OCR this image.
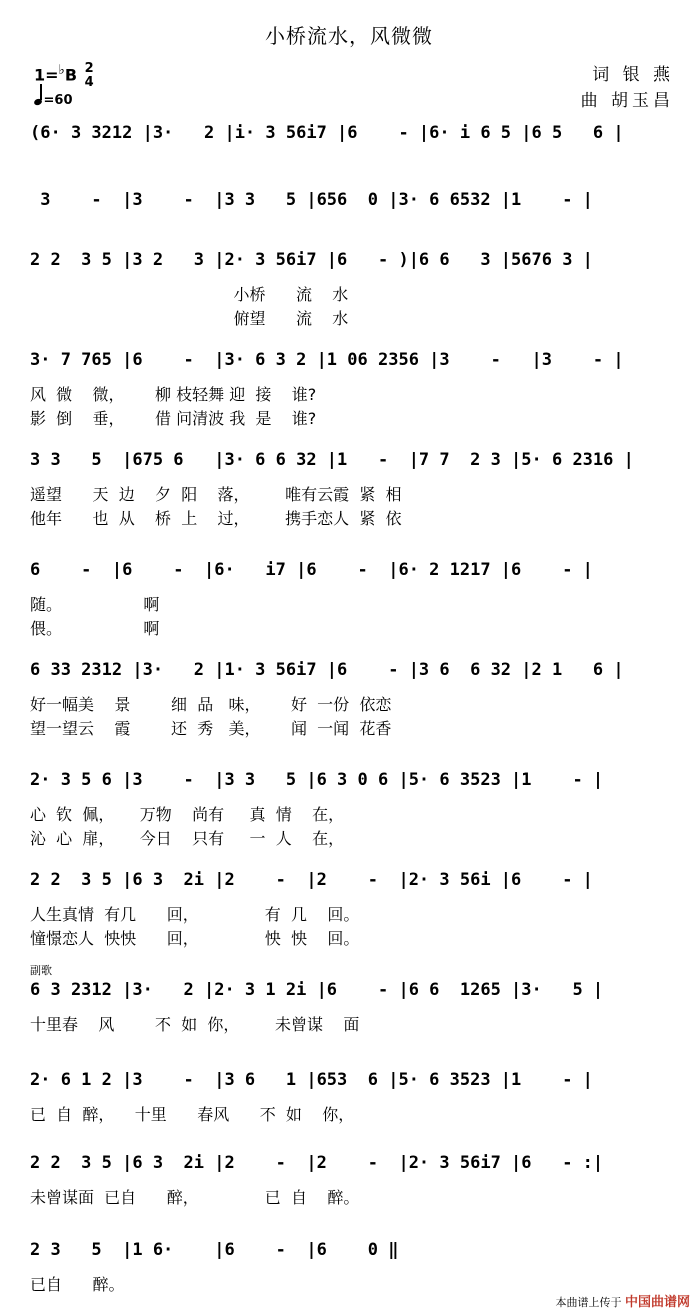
小桥流水，风微微
1=♭B 2
4
=60
词 银 燕
曲 胡玉昌
(6· 3 3212 |3·   2 |i· 3 56i7 |6    - |6· i 6 5 |6 5   6 |
3    -  |3    -  |3 3   5 |656  0 |3· 6 6532 |1    - |
2 2  3 5 |3 2   3 |2· 3 56i7 |6   - )|6 6   3 |5676 3 |
小桥      流    水
俯望      流    水
3· 7 765 |6    -  |3· 6 3 2 |1 06 2356 |3    -   |3    - |
风  微    微，      柳 枝轻舞 迎  接    谁?
影  倒    垂，      借 问清波 我  是    谁?
3 3   5  |675 6   |3· 6 6 32 |1   -  |7 7  2 3 |5· 6 2316 |
遥望      天  边    夕  阳    落，       唯有云霞  紧  相
他年      也  从    桥  上    过，       携手恋人  紧  依
6    -  |6    -  |6·   i7 |6    -  |6· 2 1217 |6    - |
随。                啊
偎。                啊
6 33 2312 |3·   2 |1· 3 56i7 |6    - |3 6  6 32 |2 1   6 |
好一幅美    景        细  品   味，      好  一份  依恋
望一望云    霞        还  秀   美，      闻  一闻  花香
2· 3 5 6 |3    -  |3 3   5 |6 3 0 6 |5· 6 3523 |1    - |
心  钦  佩，     万物    尚有     真  情    在，
沁  心  扉，     今日    只有     一  人    在，
2 2  3 5 |6 3  2i |2    -  |2    -  |2· 3 56i |6    - |
人生真情  有几      回，             有  几    回。
憧憬恋人  怏怏      回，             怏  怏    回。
6 3 2312 |3·   2 |2· 3 1 2i |6    - |6 6  1265 |3·   5 |
十里春    风        不  如  你，       未曾谋    面
2· 6 1 2 |3    -  |3 6   1 |653  6 |5· 6 3523 |1    - |
已  自  醉，    十里      春风      不  如    你，
2 2  3 5 |6 3  2i |2    -  |2    -  |2· 3 56i7 |6   - :|
未曾谋面  已自      醉，             已  自    醉。
2 3   5  |1 6·    |6    -  |6    0 ‖
已自      醉。
副歌
本曲谱上传于 中国曲谱网
